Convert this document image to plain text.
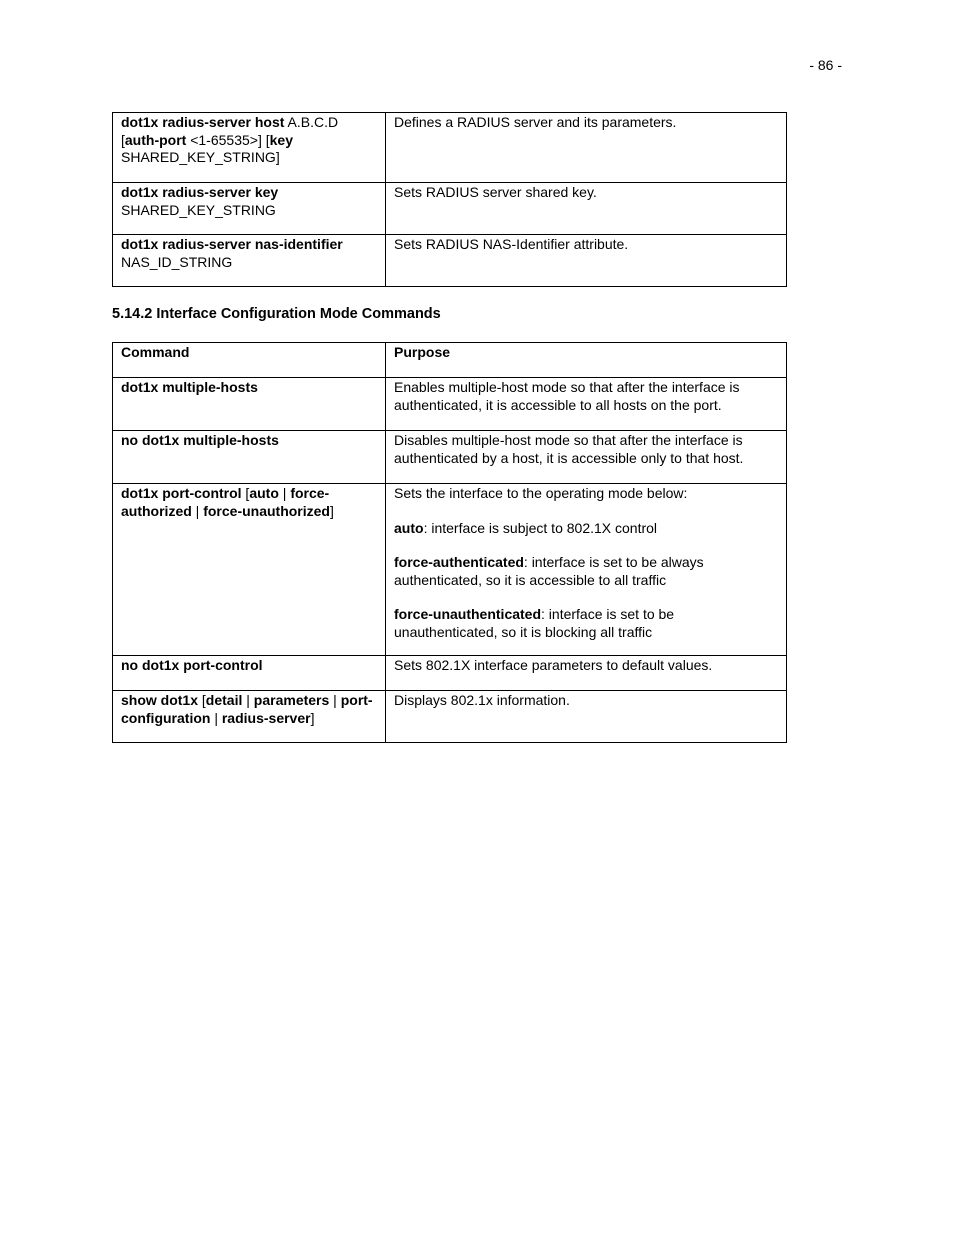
- 86 -
dot1x radius-server host A.B.C.D [auth-port <1-65535>] [key SHARED_KEY_STRING]	Defines a RADIUS server and its parameters.

dot1x radius-server key SHARED_KEY_STRING	Sets RADIUS server shared key.

dot1x radius-server nas-identifier NAS_ID_STRING	Sets RADIUS NAS-Identifier attribute.
5.14.2 Interface Configuration Mode Commands
Command	Purpose
dot1x multiple-hosts	Enables multiple-host mode so that after the interface is authenticated, it is accessible to all hosts on the port.

no dot1x multiple-hosts	Disables multiple-host mode so that after the interface is authenticated by a host, it is accessible only to that host.

dot1x port-control [auto | force-authorized | force-unauthorized]	Sets the interface to the operating mode below:
auto: interface is subject to 802.1X control
force-authenticated: interface is set to be always authenticated, so it is accessible to all traffic
force-unauthenticated: interface is set to be unauthenticated, so it is blocking all traffic

no dot1x port-control	Sets 802.1X interface parameters to default values.

show dot1x [detail | parameters | port-configuration | radius-server]	Displays 802.1x information.
